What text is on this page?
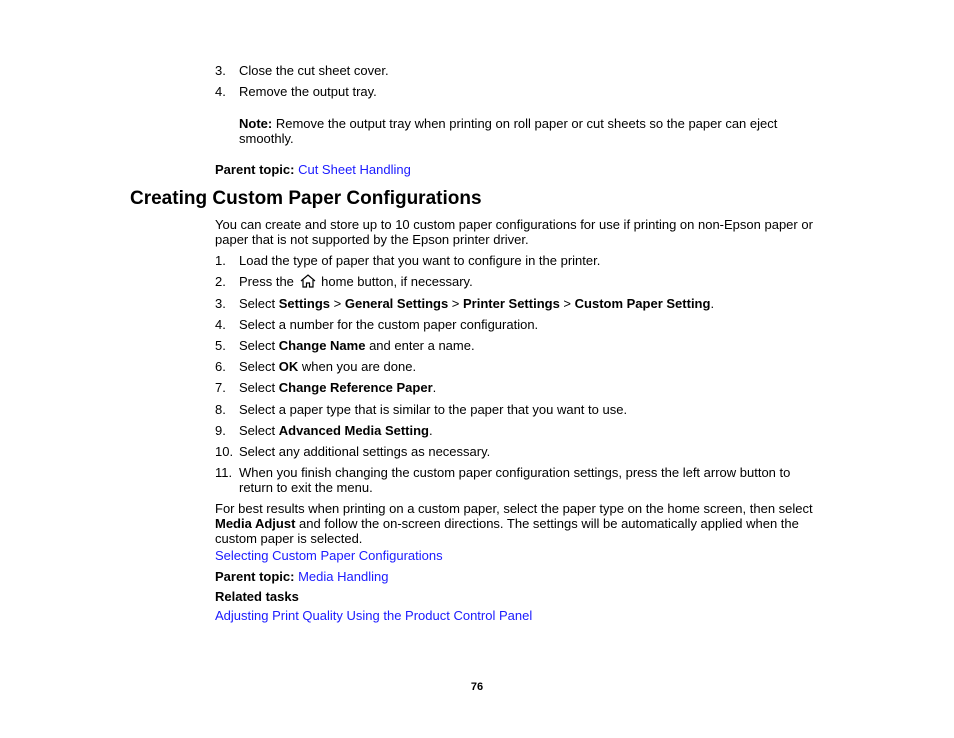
3. Close the cut sheet cover.
4. Remove the output tray.
Note: Remove the output tray when printing on roll paper or cut sheets so the paper can eject smoothly.
Parent topic: Cut Sheet Handling
Creating Custom Paper Configurations
You can create and store up to 10 custom paper configurations for use if printing on non-Epson paper or paper that is not supported by the Epson printer driver.
1. Load the type of paper that you want to configure in the printer.
2. Press the home button, if necessary.
3. Select Settings > General Settings > Printer Settings > Custom Paper Setting.
4. Select a number for the custom paper configuration.
5. Select Change Name and enter a name.
6. Select OK when you are done.
7. Select Change Reference Paper.
8. Select a paper type that is similar to the paper that you want to use.
9. Select Advanced Media Setting.
10. Select any additional settings as necessary.
11. When you finish changing the custom paper configuration settings, press the left arrow button to return to exit the menu.
For best results when printing on a custom paper, select the paper type on the home screen, then select Media Adjust and follow the on-screen directions. The settings will be automatically applied when the custom paper is selected.
Selecting Custom Paper Configurations
Parent topic: Media Handling
Related tasks
Adjusting Print Quality Using the Product Control Panel
76
